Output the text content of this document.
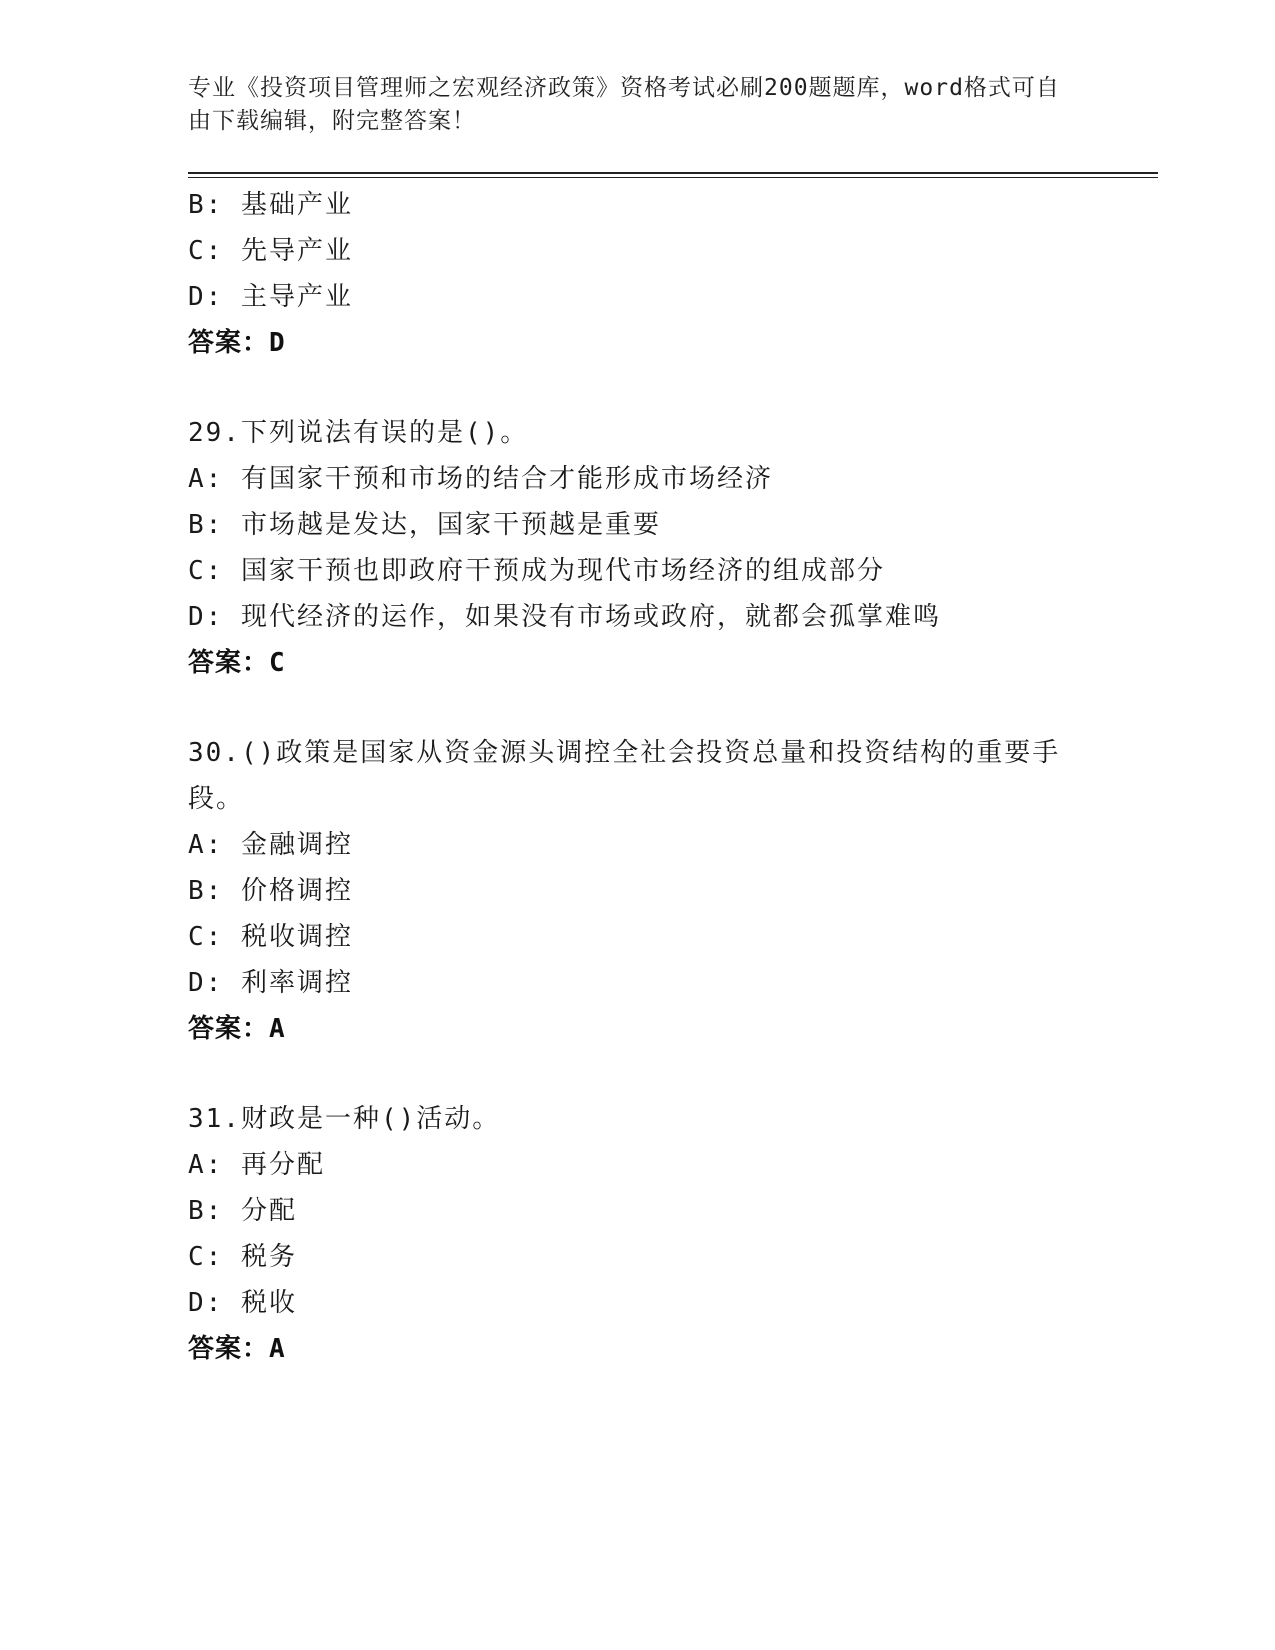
专业《投资项目管理师之宏观经济政策》资格考试必刷200题题库，word格式可自由下载编辑，附完整答案！
B: 基础产业
C: 先导产业
D: 主导产业
答案：D
29.下列说法有误的是()。
A: 有国家干预和市场的结合才能形成市场经济
B: 市场越是发达，国家干预越是重要
C: 国家干预也即政府干预成为现代市场经济的组成部分
D: 现代经济的运作，如果没有市场或政府，就都会孤掌难鸣
答案：C
30.()政策是国家从资金源头调控全社会投资总量和投资结构的重要手段。
A: 金融调控
B: 价格调控
C: 税收调控
D: 利率调控
答案：A
31.财政是一种()活动。
A: 再分配
B: 分配
C: 税务
D: 税收
答案：A
